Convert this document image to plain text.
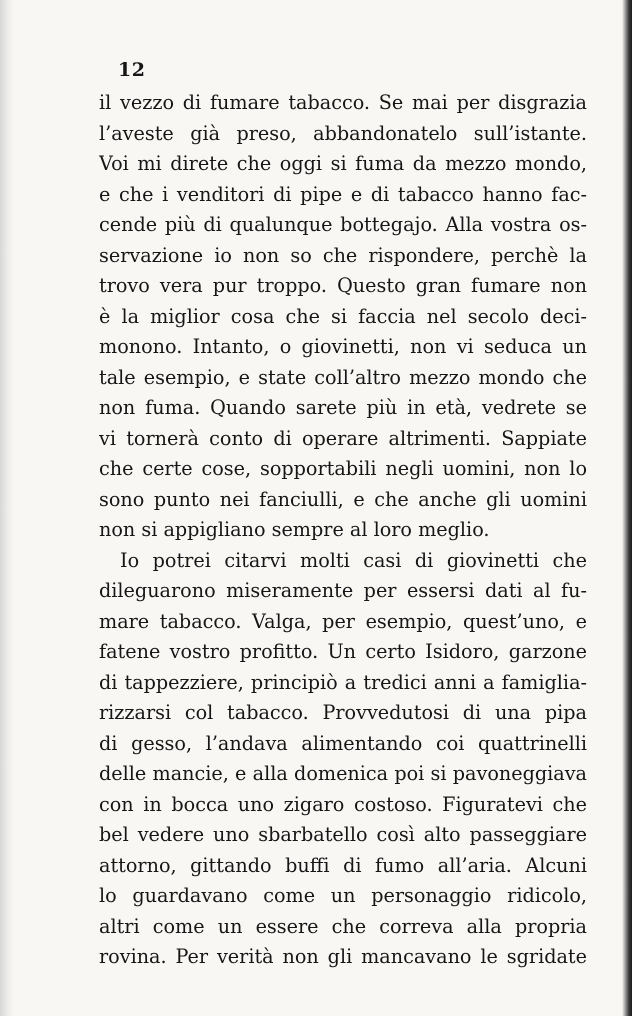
12
il vezzo di fumare tabacco. Se mai per disgrazia
l’aveste già preso, abbandonatelo sull’istante.
Voi mi direte che oggi si fuma da mezzo mondo,
e che i venditori di pipe e di tabacco hanno fac-
cende più di qualunque bottegajo. Alla vostra os-
servazione io non so che rispondere, perchè la
trovo vera pur troppo. Questo gran fumare non
è la miglior cosa che si faccia nel secolo deci-
monono. Intanto, o giovinetti, non vi seduca un
tale esempio, e state coll’altro mezzo mondo che
non fuma. Quando sarete più in età, vedrete se
vi tornerà conto di operare altrimenti. Sappiate
che certe cose, sopportabili negli uomini, non lo
sono punto nei fanciulli, e che anche gli uomini
non si appigliano sempre al loro meglio.
Io potrei citarvi molti casi di giovinetti che
dileguarono miseramente per essersi dati al fu-
mare tabacco. Valga, per esempio, quest’uno, e
fatene vostro profitto. Un certo Isidoro, garzone
di tappezziere, principiò a tredici anni a famiglia-
rizzarsi col tabacco. Provvedutosi di una pipa
di gesso, l’andava alimentando coi quattrinelli
delle mancie, e alla domenica poi si pavoneggiava
con in bocca uno zigaro costoso. Figuratevi che
bel vedere uno sbarbatello così alto passeggiare
attorno, gittando buffi di fumo all’aria. Alcuni
lo guardavano come un personaggio ridicolo,
altri come un essere che correva alla propria
rovina. Per verità non gli mancavano le sgridate
